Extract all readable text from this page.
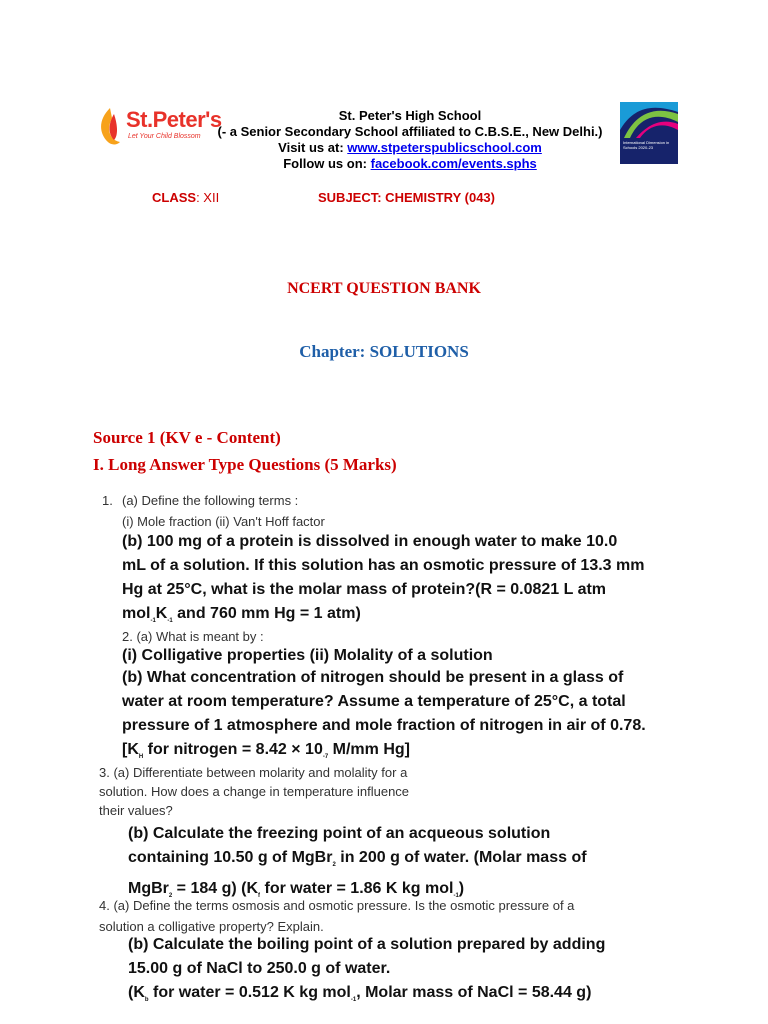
St.Peter's
Let Your Child Blossom
St. Peter's High School
(- a Senior Secondary School affiliated to C.B.S.E., New Delhi.)
Visit us at: www.stpeterspublicschool.com
Follow us on: facebook.com/events.sphs
International Dimension in Schools 2020-23
CLASS: XII	SUBJECT: CHEMISTRY (043)
NCERT QUESTION BANK
Chapter: SOLUTIONS
Source 1 (KV e - Content)
I. Long Answer Type Questions (5 Marks)
1. (a) Define the following terms :
(i) Mole fraction (ii) Van't Hoff factor
(b) 100 mg of a protein is dissolved in enough water to make 10.0
mL of a solution. If this solution has an osmotic pressure of 13.3 mm
Hg at 25°C, what is the molar mass of protein?(R = 0.0821 L atm
$mol_{-1}K_{-1}$ and 760 mm Hg = 1 atm)
2. (a) What is meant by :
(i) Colligative properties (ii) Molality of a solution
(b) What concentration of nitrogen should be present in a glass of
water at room temperature? Assume a temperature of 25°C, a total
pressure of 1 atmosphere and mole fraction of nitrogen in air of 0.78.
[$K_H$ for nitrogen = $8.42 \times 10_{-7}$ M/mm Hg]
3. (a) Differentiate between molarity and molality for a
solution. How does a change in temperature influence
their values?
(b) Calculate the freezing point of an acqueous solution
containing 10.50 g of MgBr$_2$ in 200 g of water. (Molar mass of
MgBr$_2$ = 184 g) ($K_f$ for water = 1.86 K kg mol$_{-1}$)
4. (a) Define the terms osmosis and osmotic pressure. Is the osmotic pressure of a
solution a colligative property? Explain.
(b) Calculate the boiling point of a solution prepared by adding
15.00 g of NaCl to 250.0 g of water.
($K_b$ for water = 0.512 K kg mol$_{-1}$, Molar mass of NaCl = 58.44 g)
